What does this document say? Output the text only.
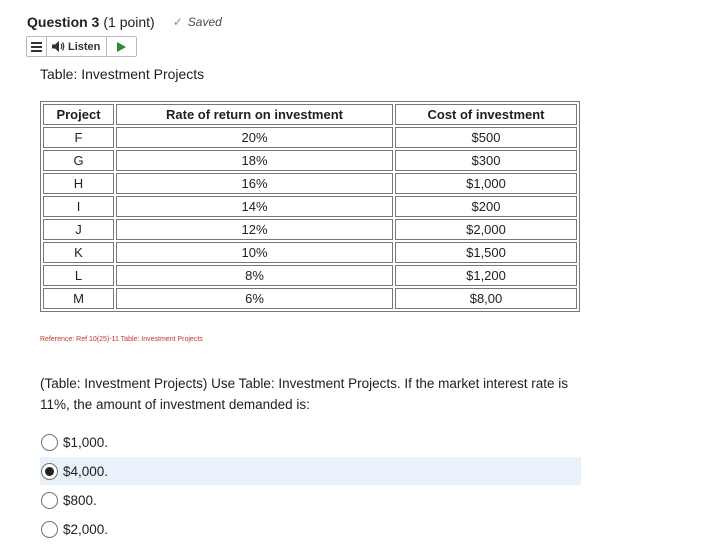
Question 3 (1 point) ✓ Saved
Listen
Table: Investment Projects
Project	Rate of return on investment	Cost of investment
F	20%	$500
G	18%	$300
H	16%	$1,000
I	14%	$200
J	12%	$2,000
K	10%	$1,500
L	8%	$1,200
M	6%	$8,00
Reference: Ref 10(25)-11 Table: Investment Projects
(Table: Investment Projects) Use Table: Investment Projects. If the market interest rate is 11%, the amount of investment demanded is:
$1,000.
$4,000.
$800.
$2,000.
